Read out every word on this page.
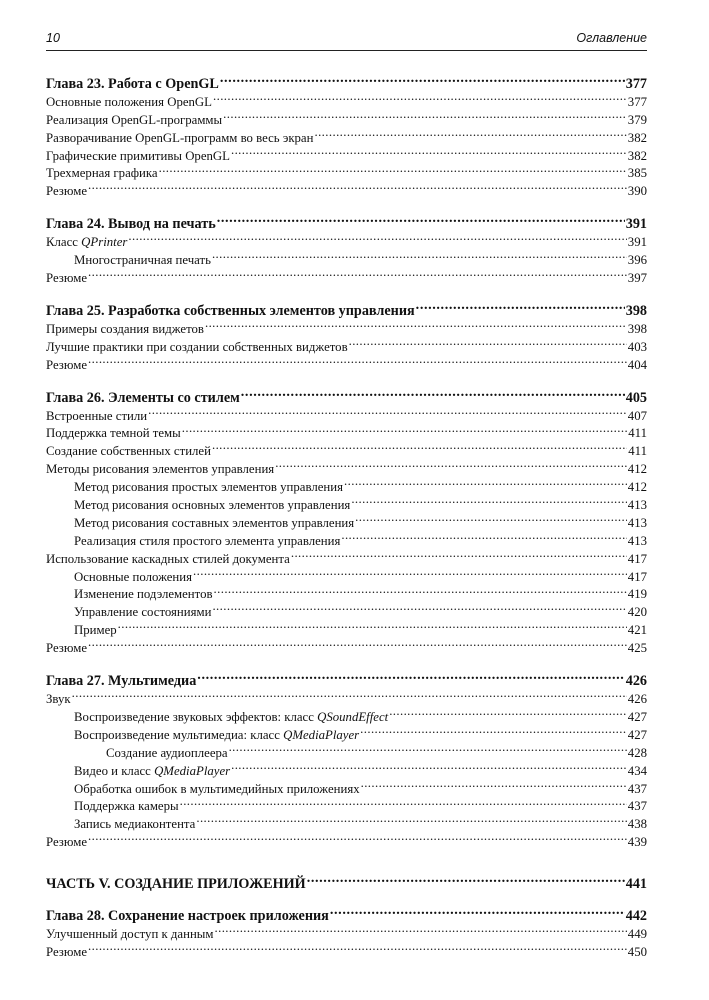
10	Оглавление
Глава 23. Работа с OpenGL .....	377
Основные положения OpenGL .....	377
Реализация OpenGL-программы .....	379
Разворачивание OpenGL-программ во весь экран .....	382
Графические примитивы OpenGL .....	382
Трехмерная графика .....	385
Резюме .....	390
Глава 24. Вывод на печать .....	391
Класс QPrinter .....	391
Многостраничная печать .....	396
Резюме .....	397
Глава 25. Разработка собственных элементов управления .....	398
Примеры создания виджетов .....	398
Лучшие практики при создании собственных виджетов .....	403
Резюме .....	404
Глава 26. Элементы со стилем .....	405
Встроенные стили .....	407
Поддержка темной темы .....	411
Создание собственных стилей .....	411
Методы рисования элементов управления .....	412
Метод рисования простых элементов управления .....	412
Метод рисования основных элементов управления .....	413
Метод рисования составных элементов управления .....	413
Реализация стиля простого элемента управления .....	413
Использование каскадных стилей документа .....	417
Основные положения .....	417
Изменение подэлементов .....	419
Управление состояниями .....	420
Пример .....	421
Резюме .....	425
Глава 27. Мультимедиа .....	426
Звук .....	426
Воспроизведение звуковых эффектов: класс QSoundEffect .....	427
Воспроизведение мультимедиа: класс QMediaPlayer .....	427
Создание аудиоплеера .....	428
Видео и класс QMediaPlayer .....	434
Обработка ошибок в мультимедийных приложениях .....	437
Поддержка камеры .....	437
Запись медиаконтента .....	438
Резюме .....	439
ЧАСТЬ V. СОЗДАНИЕ ПРИЛОЖЕНИЙ .....	441
Глава 28. Сохранение настроек приложения .....	442
Улучшенный доступ к данным .....	449
Резюме .....	450
